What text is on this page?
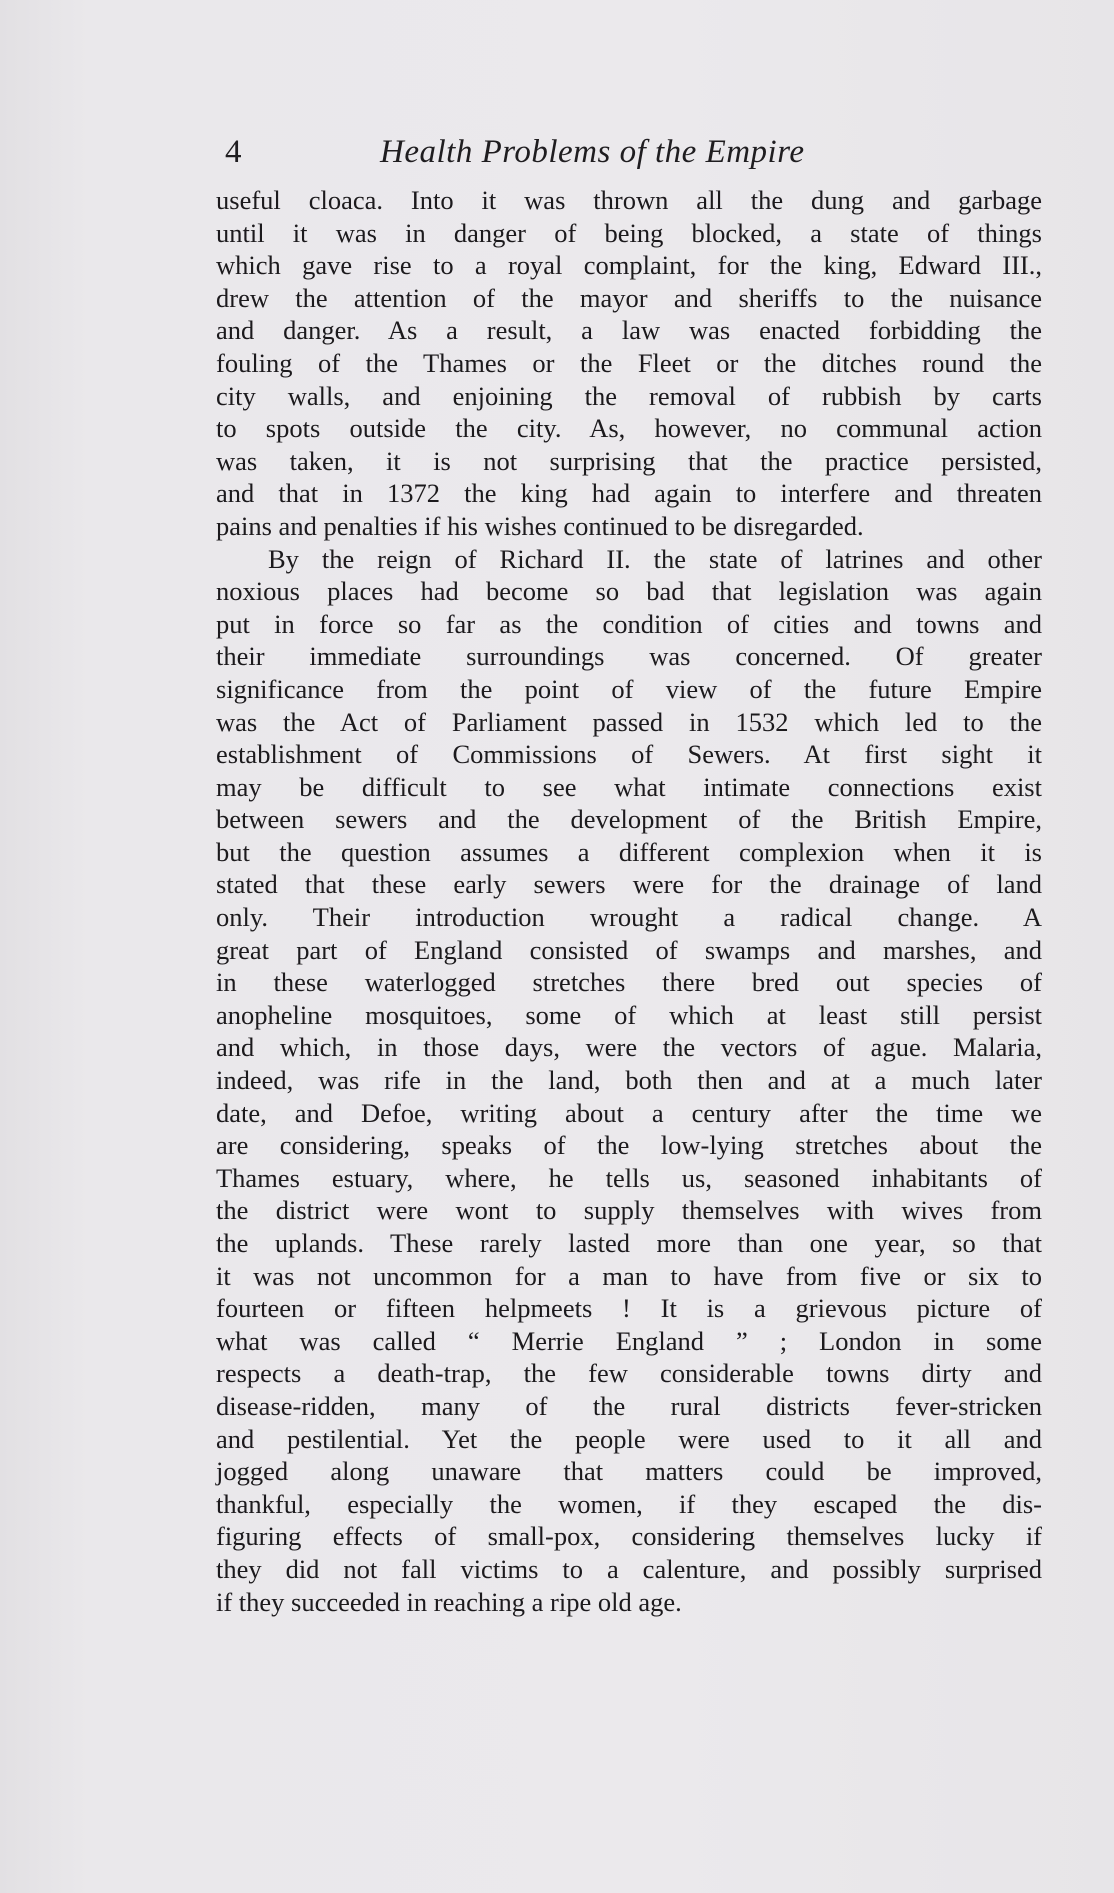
4	Health Problems of the Empire
useful cloaca. Into it was thrown all the dung and garbage
until it was in danger of being blocked, a state of things
which gave rise to a royal complaint, for the king, Edward III.,
drew the attention of the mayor and sheriffs to the nuisance
and danger. As a result, a law was enacted forbidding the
fouling of the Thames or the Fleet or the ditches round the
city walls, and enjoining the removal of rubbish by carts
to spots outside the city. As, however, no communal action
was taken, it is not surprising that the practice persisted,
and that in 1372 the king had again to interfere and threaten
pains and penalties if his wishes continued to be disregarded.
By the reign of Richard II. the state of latrines and other
noxious places had become so bad that legislation was again
put in force so far as the condition of cities and towns and
their immediate surroundings was concerned. Of greater
significance from the point of view of the future Empire
was the Act of Parliament passed in 1532 which led to the
establishment of Commissions of Sewers. At first sight it
may be difficult to see what intimate connections exist
between sewers and the development of the British Empire,
but the question assumes a different complexion when it is
stated that these early sewers were for the drainage of land
only. Their introduction wrought a radical change. A
great part of England consisted of swamps and marshes, and
in these waterlogged stretches there bred out species of
anopheline mosquitoes, some of which at least still persist
and which, in those days, were the vectors of ague. Malaria,
indeed, was rife in the land, both then and at a much later
date, and Defoe, writing about a century after the time we
are considering, speaks of the low-lying stretches about the
Thames estuary, where, he tells us, seasoned inhabitants of
the district were wont to supply themselves with wives from
the uplands. These rarely lasted more than one year, so that
it was not uncommon for a man to have from five or six to
fourteen or fifteen helpmeets ! It is a grievous picture of
what was called “ Merrie England ” ; London in some
respects a death-trap, the few considerable towns dirty and
disease-ridden, many of the rural districts fever-stricken
and pestilential. Yet the people were used to it all and
jogged along unaware that matters could be improved,
thankful, especially the women, if they escaped the dis-
figuring effects of small-pox, considering themselves lucky if
they did not fall victims to a calenture, and possibly surprised
if they succeeded in reaching a ripe old age.
